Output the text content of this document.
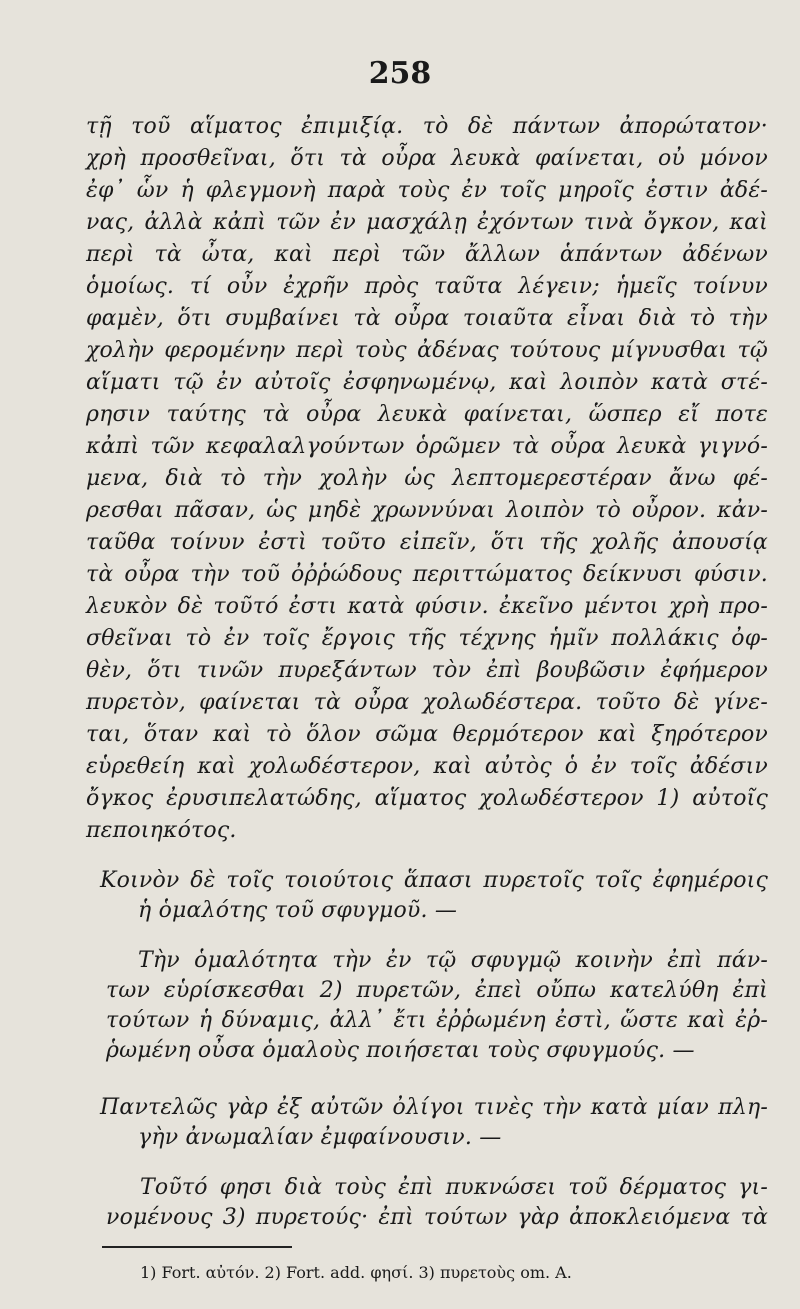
258
τῇ τοῦ αἵματος ἐπιμιξίᾳ. τὸ δὲ πάντων ἀπορώτατον·
χρὴ προσθεῖναι, ὅτι τὰ οὖρα λευκὰ φαίνεται, οὐ μόνον
ἐφ᾽ ὧν ἡ φλεγμονὴ παρὰ τοὺς ἐν τοῖς μηροῖς ἐστιν ἀδέ-
νας, ἀλλὰ κἀπὶ τῶν ἐν μασχάλῃ ἐχόντων τινὰ ὄγκον, καὶ
περὶ τὰ ὦτα, καὶ περὶ τῶν ἄλλων ἁπάντων ἀδένων
ὁμοίως. τί οὖν ἐχρῆν πρὸς ταῦτα λέγειν; ἡμεῖς τοίνυν
φαμὲν, ὅτι συμβαίνει τὰ οὖρα τοιαῦτα εἶναι διὰ τὸ τὴν
χολὴν φερομένην περὶ τοὺς ἀδένας τούτους μίγνυσθαι τῷ
αἵματι τῷ ἐν αὐτοῖς ἐσφηνωμένῳ, καὶ λοιπὸν κατὰ στέ-
ρησιν ταύτης τὰ οὖρα λευκὰ φαίνεται, ὥσπερ εἴ ποτε
κἀπὶ τῶν κεφαλαλγούντων ὁρῶμεν τὰ οὖρα λευκὰ γιγνό-
μενα, διὰ τὸ τὴν χολὴν ὡς λεπτομερεστέραν ἄνω φέ-
ρεσθαι πᾶσαν, ὡς μηδὲ χρωννύναι λοιπὸν τὸ οὖρον. κἀν-
ταῦθα τοίνυν ἐστὶ τοῦτο εἰπεῖν, ὅτι τῆς χολῆς ἀπουσίᾳ
τὰ οὖρα τὴν τοῦ ὀῤῥώδους περιττώματος δείκνυσι φύσιν.
λευκὸν δὲ τοῦτό ἐστι κατὰ φύσιν. ἐκεῖνο μέντοι χρὴ προ-
σθεῖναι τὸ ἐν τοῖς ἔργοις τῆς τέχνης ἡμῖν πολλάκις ὀφ-
θὲν, ὅτι τινῶν πυρεξάντων τὸν ἐπὶ βουβῶσιν ἐφήμερον
πυρετὸν, φαίνεται τὰ οὖρα χολωδέστερα. τοῦτο δὲ γίνε-
ται, ὅταν καὶ τὸ ὅλον σῶμα θερμότερον καὶ ξηρότερον
εὑρεθείη καὶ χολωδέστερον, καὶ αὐτὸς ὁ ἐν τοῖς ἀδέσιν
ὄγκος ἐρυσιπελατώδης, αἵματος χολωδέστερον 1) αὐτοῖς
πεποιηκότος.
Κοινὸν δὲ τοῖς τοιούτοις ἅπασι πυρετοῖς τοῖς ἐφημέροις
ἡ ὁμαλότης τοῦ σφυγμοῦ. —
Τὴν ὁμαλότητα τὴν ἐν τῷ σφυγμῷ κοινὴν ἐπὶ πάν-
των εὑρίσκεσθαι 2) πυρετῶν, ἐπεὶ οὔπω κατελύθη ἐπὶ
τούτων ἡ δύναμις, ἀλλ᾽ ἔτι ἐῤῥωμένη ἐστὶ, ὥστε καὶ ἐῤ-
ῥωμένη οὖσα ὁμαλοὺς ποιήσεται τοὺς σφυγμούς. —
Παντελῶς γὰρ ἐξ αὐτῶν ὀλίγοι τινὲς τὴν κατὰ μίαν πλη-
γὴν ἀνωμαλίαν ἐμφαίνουσιν. —
Τοῦτό φησι διὰ τοὺς ἐπὶ πυκνώσει τοῦ δέρματος γι-
νομένους 3) πυρετούς· ἐπὶ τούτων γὰρ ἀποκλειόμενα τὰ
1) Fort. αὐτόν. 2) Fort. add. φησί. 3) πυρετοὺς om. A.
